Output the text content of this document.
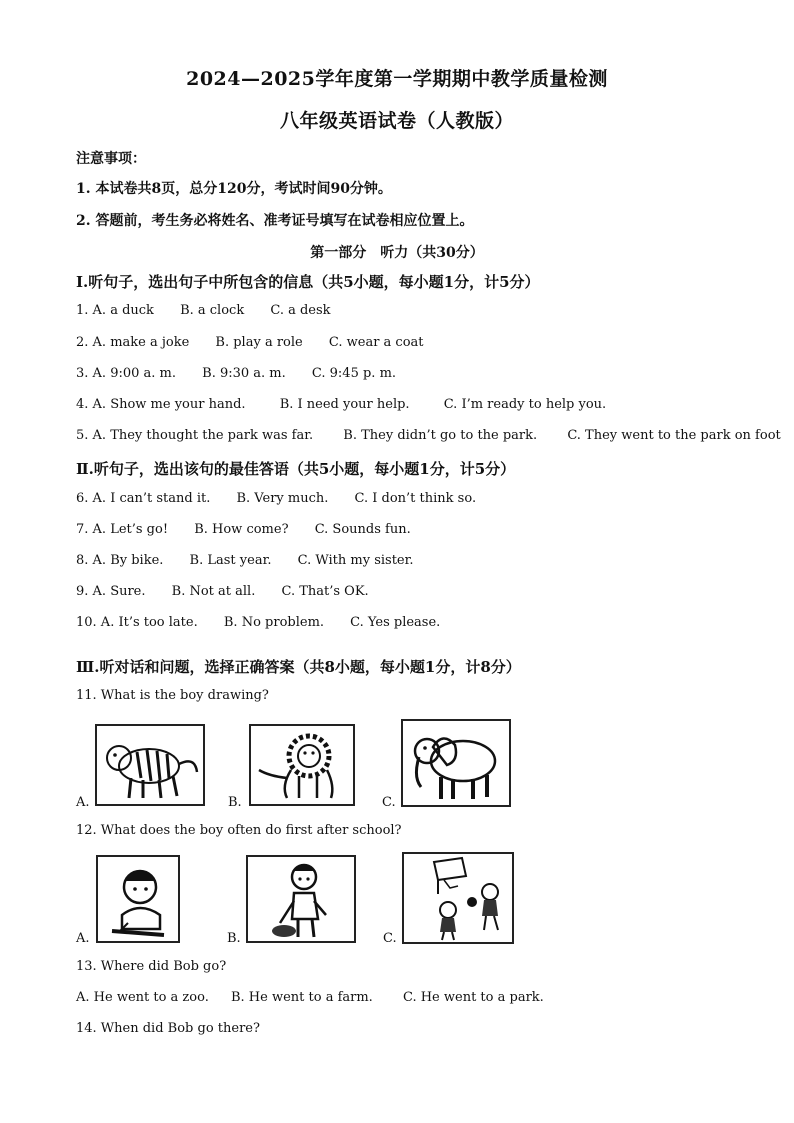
2024—2025学年度第一学期期中教学质量检测
八年级英语试卷（人教版）
注意事项：
1. 本试卷共8页，总分120分，考试时间90分钟。
2. 答题前，考生务必将姓名、准考证号填写在试卷相应位置上。
第一部分　听力（共30分）
Ⅰ.听句子，选出句子中所包含的信息（共5小题，每小题1分，计5分）
1. A. a duck B. a clock C. a desk
2. A. make a joke B. play a role C. wear a coat
3. A. 9:00 a. m. B. 9:30 a. m. C. 9:45 p. m.
4. A. Show me your hand.	B. I need your help.	C. I’m ready to help you.
5. A. They thought the park was far. B. They didn’t go to the park. C. They went to the park on foot
Ⅱ.听句子，选出该句的最佳答语（共5小题，每小题1分，计5分）
6. A. I can’t stand it. B. Very much. C. I don’t think so.
7. A. Let’s go! B. How come? C. Sounds fun.
8. A. By bike. B. Last year. C. With my sister.
9. A. Sure. B. Not at all. C. That’s OK.
10. A. It’s too late. B. No problem. C. Yes please.
Ⅲ.听对话和问题，选择正确答案（共8小题，每小题1分，计8分）
11. What is the boy drawing?
A.	B.	C.
12. What does the boy often do first after school?
A.	B.	C.
13. Where did Bob go?
A. He went to a zoo. B. He went to a farm. C. He went to a park.
14. When did Bob go there?
